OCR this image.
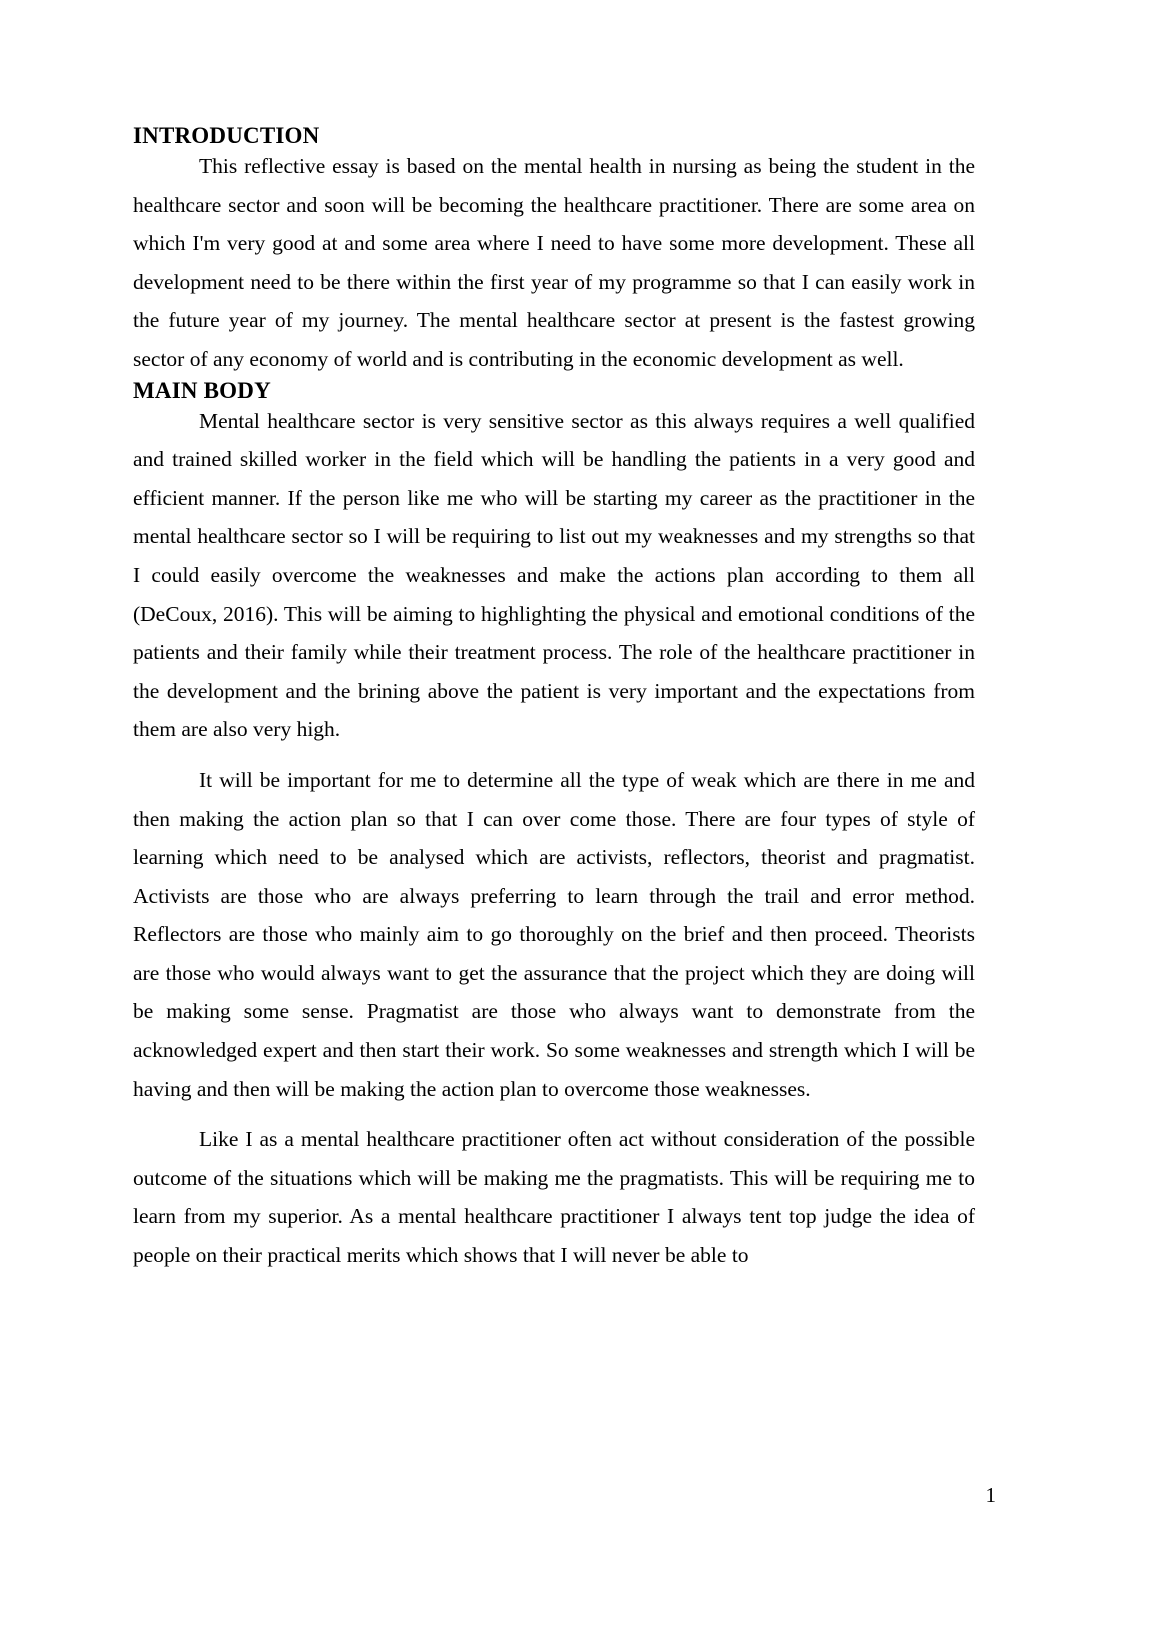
INTRODUCTION

This reflective essay is based on the mental health in nursing as being the student in the healthcare sector and soon will be becoming the healthcare practitioner. There are some area on which I'm very good at and some area where I need to have some more development. These all development need to be there within the first year of my programme so that I can easily work in the future year of my journey. The mental healthcare sector at present is the fastest growing sector of any economy of world and is contributing in the economic development as well.

MAIN BODY

Mental healthcare sector is very sensitive sector as this always requires a well qualified and trained skilled worker in the field which will be handling the patients in a very good and efficient manner. If the person like me who will be starting my career as the practitioner in the mental healthcare sector so I will be requiring to list out my weaknesses and my strengths so that I could easily overcome the weaknesses and make the actions plan according to them all (DeCoux, 2016). This will be aiming to highlighting the physical and emotional conditions of the patients and their family while their treatment process. The role of the healthcare practitioner in the development and the brining above the patient is very important and the expectations from them are also very high.

It will be important for me to determine all the type of weak which are there in me and then making the action plan so that I can over come those. There are four types of style of learning which need to be analysed which are activists, reflectors, theorist and pragmatist. Activists are those who are always preferring to learn through the trail and error method. Reflectors are those who mainly aim to go thoroughly on the brief and then proceed. Theorists are those who would always want to get the assurance that the project which they are doing will be making some sense. Pragmatist are those who always want to demonstrate from the acknowledged expert and then start their work. So some weaknesses and strength which I will be having and then will be making the action plan to overcome those weaknesses.

Like I as a mental healthcare practitioner often act without consideration of the possible outcome of the situations which will be making me the pragmatists. This will be requiring me to learn from my superior. As a mental healthcare practitioner I always tent top judge the idea of people on their practical merits which shows that I will never be able to

1
